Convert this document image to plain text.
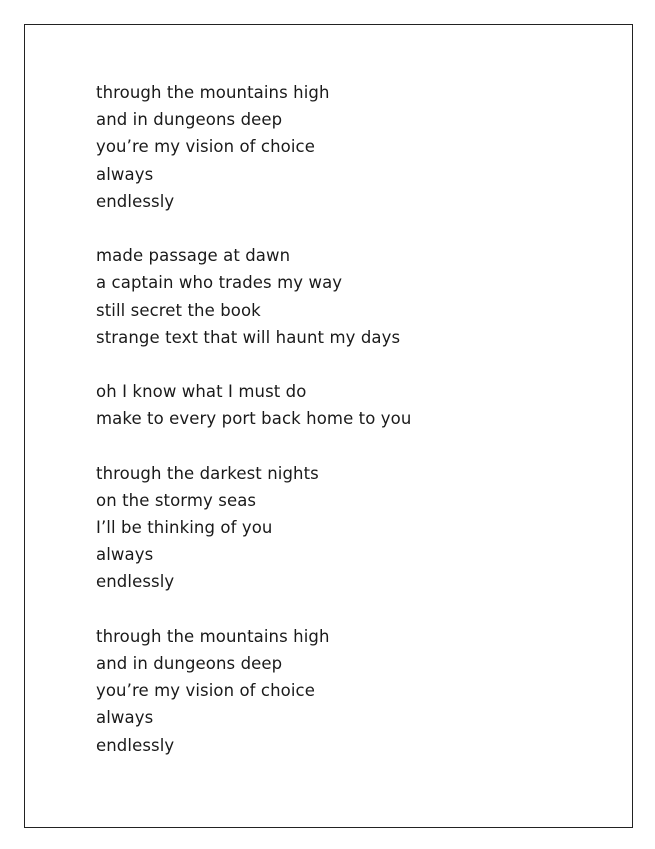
through the mountains high
and in dungeons deep
you’re my vision of choice
always
endlessly
made passage at dawn
a captain who trades my way
still secret the book
strange text that will haunt my days
oh I know what I must do
make to every port back home to you
through the darkest nights
on the stormy seas
I’ll be thinking of you
always
endlessly
through the mountains high
and in dungeons deep
you’re my vision of choice
always
endlessly
